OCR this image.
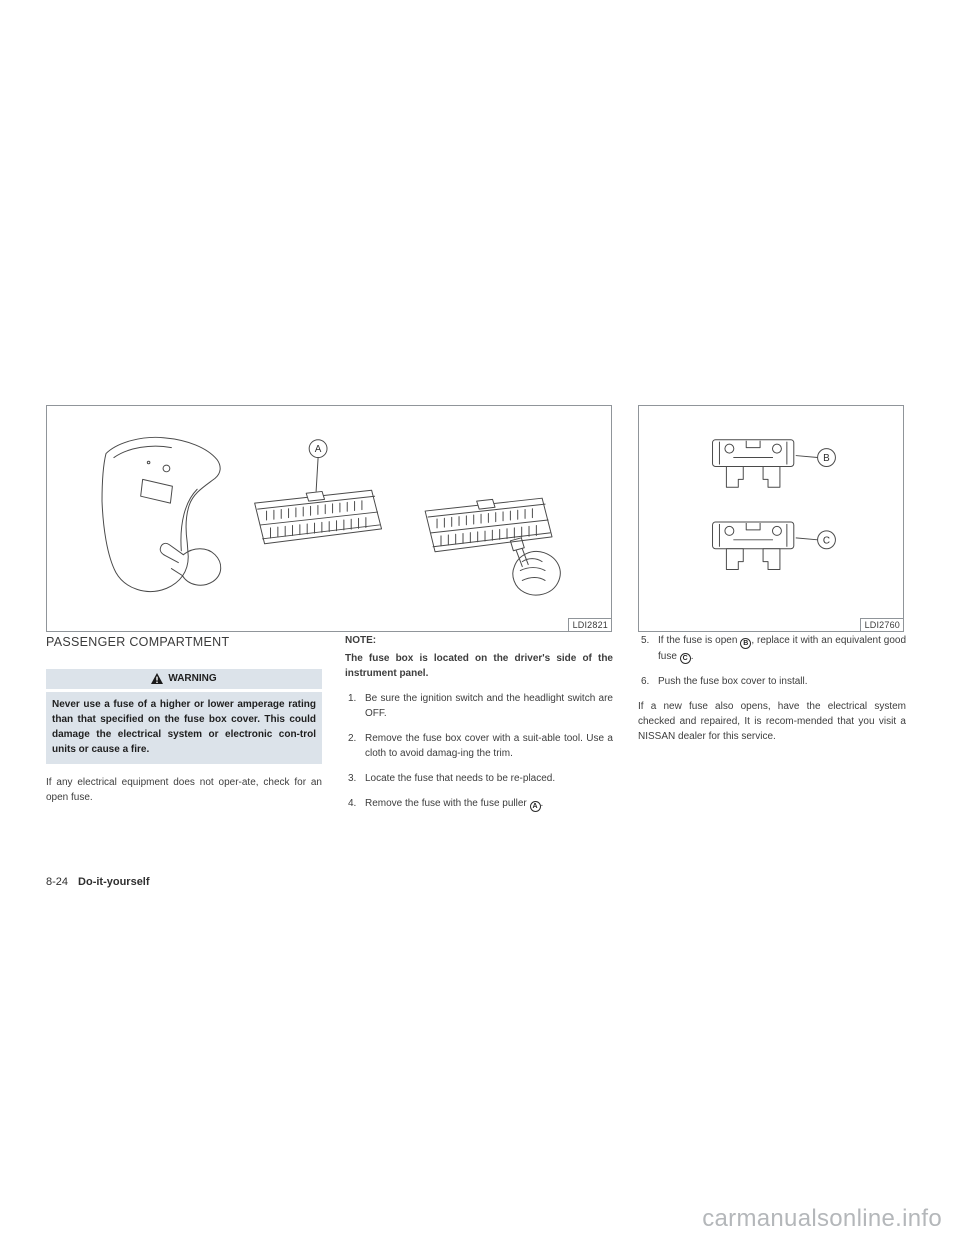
A
LDI2821
B
C
LDI2760
PASSENGER COMPARTMENT
WARNING
Never use a fuse of a higher or lower amperage rating than that specified on the fuse box cover. This could damage the electrical system or electronic con-trol units or cause a fire.
If any electrical equipment does not oper-ate, check for an open fuse.
NOTE:
The fuse box is located on the driver's side of the instrument panel.
1. Be sure the ignition switch and the headlight switch are OFF.
2. Remove the fuse box cover with a suit-able tool. Use a cloth to avoid damag-ing the trim.
3. Locate the fuse that needs to be re-placed.
4. Remove the fuse with the fuse puller A .
5. If the fuse is open B , replace it with an equivalent good fuse C .
6. Push the fuse box cover to install.
If a new fuse also opens, have the electrical system checked and repaired, It is recom-mended that you visit a NISSAN dealer for this service.
8-24 Do-it-yourself
carmanualsonline.info
